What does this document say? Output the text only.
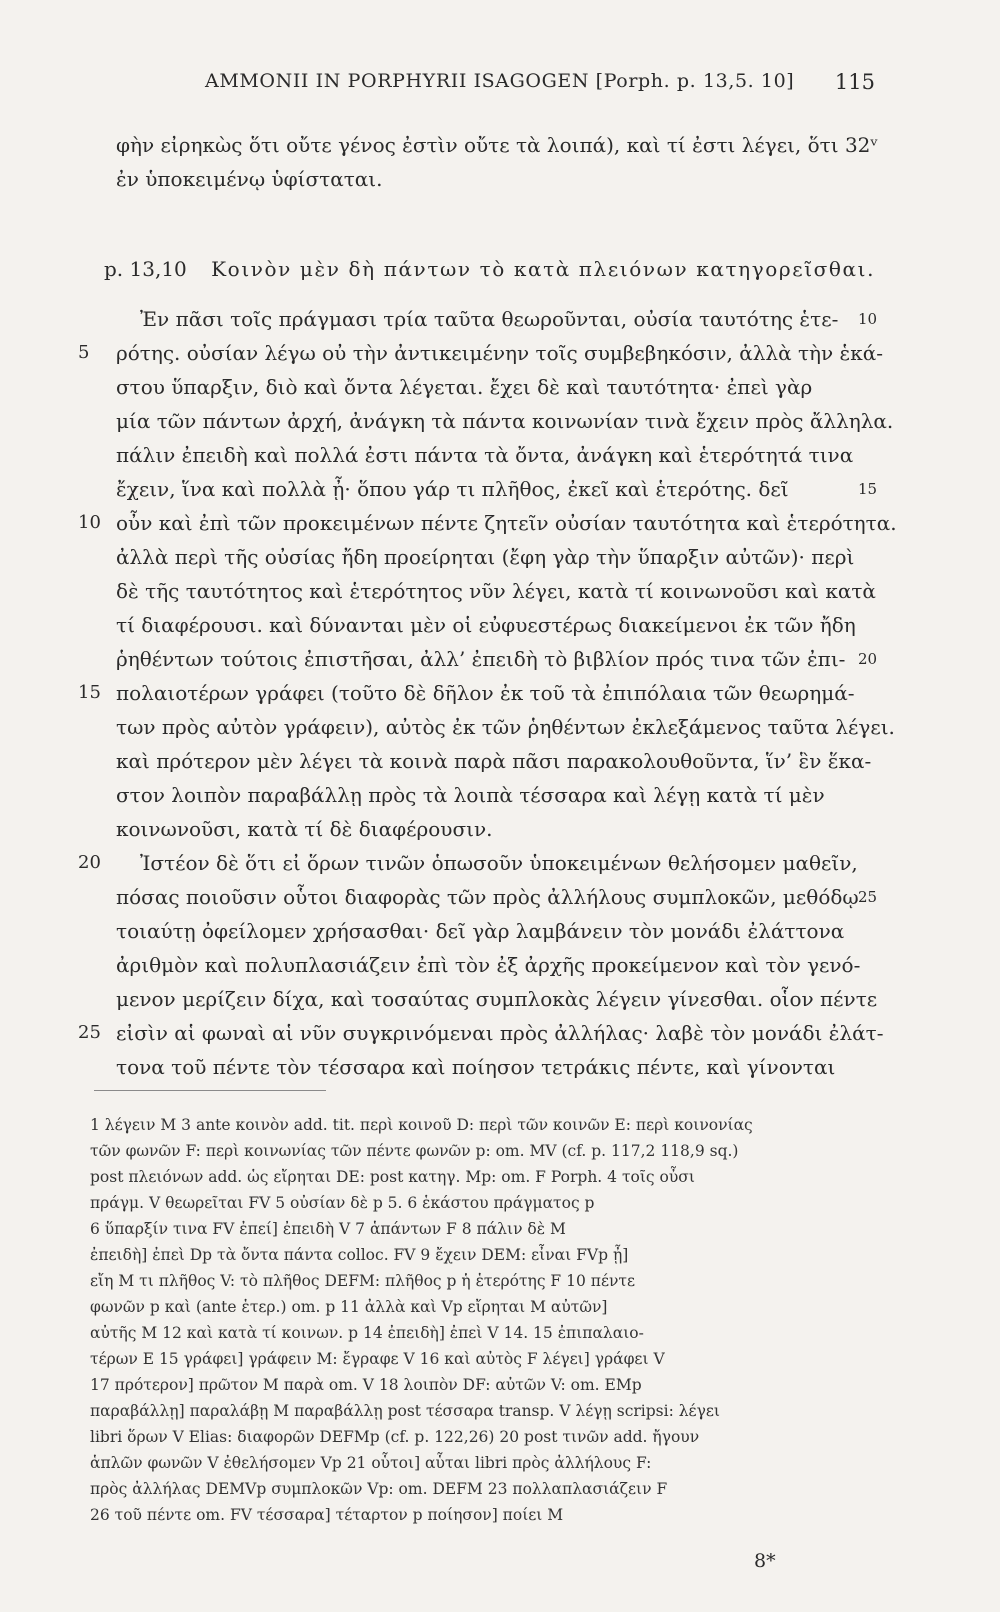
AMMONII IN PORPHYRII ISAGOGEN [Porph. p. 13,5. 10] 115
φὴν εἰρηκὼς ὅτι οὔτε γένος ἐστὶν οὔτε τὰ λοιπά), καὶ τί ἐστι λέγει, ὅτι 32ᵛ
ἐν ὑποκειμένῳ ὑφίσταται.
p. 13,10 Κοινὸν μὲν δὴ πάντων τὸ κατὰ πλειόνων κατηγορεῖσθαι.
Ἐν πᾶσι τοῖς πράγμασι τρία ταῦτα θεωροῦνται, οὐσία ταυτότης ἑτε-
ρότης. οὐσίαν λέγω οὐ τὴν ἀντικειμένην τοῖς συμβεβηκόσιν, ἀλλὰ τὴν ἑκά-
στου ὕπαρξιν, διὸ καὶ ὄντα λέγεται. ἔχει δὲ καὶ ταυτότητα· ἐπεὶ γὰρ
μία τῶν πάντων ἀρχή, ἀνάγκη τὰ πάντα κοινωνίαν τινὰ ἔχειν πρὸς ἄλληλα.
πάλιν ἐπειδὴ καὶ πολλά ἐστι πάντα τὰ ὄντα, ἀνάγκη καὶ ἑτερότητά τινα
ἔχειν, ἵνα καὶ πολλὰ ᾖ· ὅπου γάρ τι πλῆθος, ἐκεῖ καὶ ἑτερότης. δεῖ
οὖν καὶ ἐπὶ τῶν προκειμένων πέντε ζητεῖν οὐσίαν ταυτότητα καὶ ἑτερότητα.
ἀλλὰ περὶ τῆς οὐσίας ἤδη προείρηται (ἔφη γὰρ τὴν ὕπαρξιν αὐτῶν)· περὶ
δὲ τῆς ταυτότητος καὶ ἑτερότητος νῦν λέγει, κατὰ τί κοινωνοῦσι καὶ κατὰ
τί διαφέρουσι. καὶ δύνανται μὲν οἱ εὐφυεστέρως διακείμενοι ἐκ τῶν ἤδη
ῥηθέντων τούτοις ἐπιστῆσαι, ἀλλ’ ἐπειδὴ τὸ βιβλίον πρός τινα τῶν ἐπι-
πολαιοτέρων γράφει (τοῦτο δὲ δῆλον ἐκ τοῦ τὰ ἐπιπόλαια τῶν θεωρημά-
των πρὸς αὐτὸν γράφειν), αὐτὸς ἐκ τῶν ῥηθέντων ἐκλεξάμενος ταῦτα λέγει.
καὶ πρότερον μὲν λέγει τὰ κοινὰ παρὰ πᾶσι παρακολουθοῦντα, ἵν’ ἓν ἕκα-
στον λοιπὸν παραβάλλῃ πρὸς τὰ λοιπὰ τέσσαρα καὶ λέγῃ κατὰ τί μὲν
κοινωνοῦσι, κατὰ τί δὲ διαφέρουσιν.
Ἰστέον δὲ ὅτι εἰ ὅρων τινῶν ὁπωσοῦν ὑποκειμένων θελήσομεν μαθεῖν,
πόσας ποιοῦσιν οὗτοι διαφορὰς τῶν πρὸς ἀλλήλους συμπλοκῶν, μεθόδῳ
τοιαύτῃ ὀφείλομεν χρήσασθαι· δεῖ γὰρ λαμβάνειν τὸν μονάδι ἐλάττονα
ἀριθμὸν καὶ πολυπλασιάζειν ἐπὶ τὸν ἐξ ἀρχῆς προκείμενον καὶ τὸν γενό-
μενον μερίζειν δίχα, καὶ τοσαύτας συμπλοκὰς λέγειν γίνεσθαι. οἷον πέντε
εἰσὶν αἱ φωναὶ αἱ νῦν συγκρινόμεναι πρὸς ἀλλήλας· λαβὲ τὸν μονάδι ἐλάτ-
τονα τοῦ πέντε τὸν τέσσαρα καὶ ποίησον τετράκις πέντε, καὶ γίνονται
5
10
15
20
25
10
15
20
25
1 λέγειν M 3 ante κοινὸν add. tit. περὶ κοινοῦ D: περὶ τῶν κοινῶν E: περὶ κοινονίας
τῶν φωνῶν F: περὶ κοινωνίας τῶν πέντε φωνῶν p: om. MV (cf. p. 117,2 118,9 sq.)
post πλειόνων add. ὡς εἴρηται DE: post κατηγ. Mp: om. F Porph. 4 τοῖς οὖσι
πράγμ. V θεωρεῖται FV 5 οὐσίαν δὲ p 5. 6 ἑκάστου πράγματος p
6 ὕπαρξίν τινα FV ἐπεί] ἐπειδὴ V 7 ἁπάντων F 8 πάλιν δὲ M
ἐπειδὴ] ἐπεὶ Dp τὰ ὄντα πάντα colloc. FV 9 ἔχειν DEM: εἶναι FVp ᾖ]
εἴη M τι πλῆθος V: τὸ πλῆθος DEFM: πλῆθος p ἡ ἑτερότης F 10 πέντε
φωνῶν p καὶ (ante ἑτερ.) om. p 11 ἀλλὰ καὶ Vp εἴρηται M αὐτῶν]
αὐτῆς M 12 καὶ κατὰ τί κοινων. p 14 ἐπειδὴ] ἐπεὶ V 14. 15 ἐπιπαλαιο-
τέρων E 15 γράφει] γράφειν M: ἔγραφε V 16 καὶ αὐτὸς F λέγει] γράφει V
17 πρότερον] πρῶτον M παρὰ om. V 18 λοιπὸν DF: αὐτῶν V: om. EMp
παραβάλλῃ] παραλάβῃ M παραβάλλῃ post τέσσαρα transp. V λέγῃ scripsi: λέγει
libri ὅρων V Elias: διαφορῶν DEFMp (cf. p. 122,26) 20 post τινῶν add. ἤγουν
ἁπλῶν φωνῶν V ἐθελήσομεν Vp 21 οὗτοι] αὗται libri πρὸς ἀλλήλους F:
πρὸς ἀλλήλας DEMVp συμπλοκῶν Vp: om. DEFM 23 πολλαπλασιάζειν F
26 τοῦ πέντε om. FV τέσσαρα] τέταρτον p ποίησον] ποίει M
8*
